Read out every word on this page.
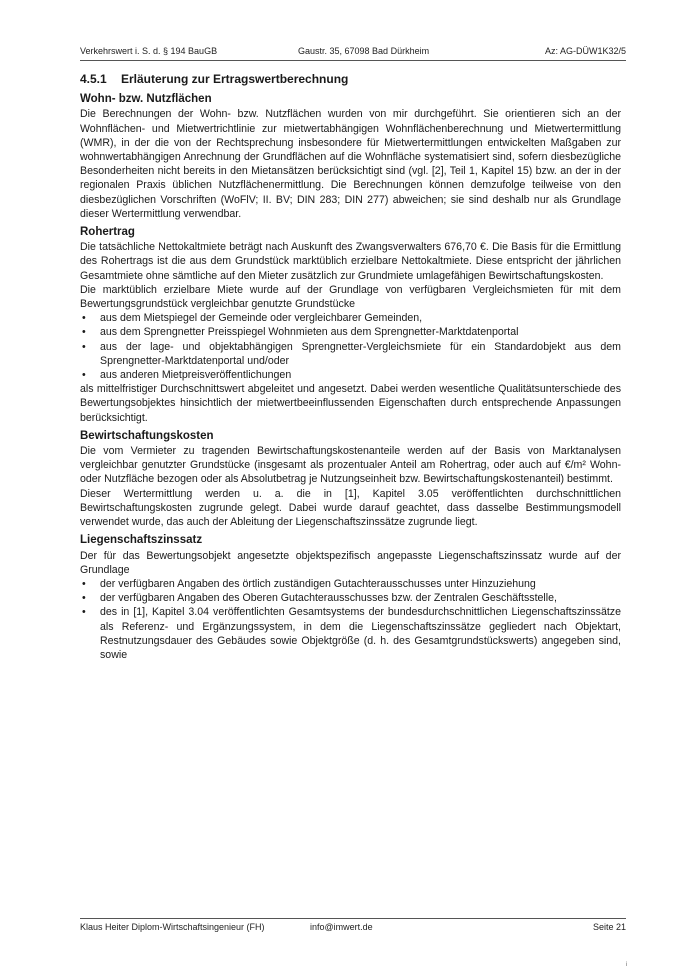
Verkehrswert i. S. d. § 194 BauGB	Gaustr. 35, 67098 Bad Dürkheim	Az: AG-DÜW1K32/5
4.5.1 Erläuterung zur Ertragswertberechnung
Wohn- bzw. Nutzflächen

Die Berechnungen der Wohn- bzw. Nutzflächen wurden von mir durchgeführt. Sie orientieren sich an der Wohnflächen- und Mietwertrichtlinie zur mietwertabhängigen Wohnflächenberechnung und Mietwertermittlung (WMR), in der die von der Rechtsprechung insbesondere für Mietwertermittlungen entwickelten Maßgaben zur wohnwertabhängigen Anrechnung der Grundflächen auf die Wohnfläche systematisiert sind, sofern diesbezügliche Besonderheiten nicht bereits in den Mietansätzen berücksichtigt sind (vgl. [2], Teil 1, Kapitel 15) bzw. an der in der regionalen Praxis üblichen Nutzflächenermittlung. Die Berechnungen können demzufolge teilweise von den diesbezüglichen Vorschriften (WoFlV; II. BV; DIN 283; DIN 277) abweichen; sie sind deshalb nur als Grundlage dieser Wertermittlung verwendbar.

Rohertrag

Die tatsächliche Nettokaltmiete beträgt nach Auskunft des Zwangsverwalters 676,70 €. Die Basis für die Ermittlung des Rohertrags ist die aus dem Grundstück marktüblich erzielbare Nettokaltmiete. Diese entspricht der jährlichen Gesamtmiete ohne sämtliche auf den Mieter zusätzlich zur Grundmiete umlagefähigen Bewirtschaftungskosten.

Die marktüblich erzielbare Miete wurde auf der Grundlage von verfügbaren Vergleichsmieten für mit dem Bewertungsgrundstück vergleichbar genutzte Grundstücke

• aus dem Mietspiegel der Gemeinde oder vergleichbarer Gemeinden,
• aus dem Sprengnetter Preisspiegel Wohnmieten aus dem Sprengnetter-Marktdatenportal
• aus der lage- und objektabhängigen Sprengnetter-Vergleichsmiete für ein Standardobjekt aus dem Sprengnetter-Marktdatenportal und/oder
• aus anderen Mietpreisveröffentlichungen

als mittelfristiger Durchschnittswert abgeleitet und angesetzt. Dabei werden wesentliche Qualitätsunterschiede des Bewertungsobjektes hinsichtlich der mietwertbeeinflussenden Eigenschaften durch entsprechende Anpassungen berücksichtigt.

Bewirtschaftungskosten

Die vom Vermieter zu tragenden Bewirtschaftungskostenanteile werden auf der Basis von Marktanalysen vergleichbar genutzter Grundstücke (insgesamt als prozentualer Anteil am Rohertrag, oder auch auf €/m² Wohn- oder Nutzfläche bezogen oder als Absolutbetrag je Nutzungseinheit bzw. Bewirtschaftungskostenanteil) bestimmt.

Dieser Wertermittlung werden u. a. die in [1], Kapitel 3.05 veröffentlichten durchschnittlichen Bewirtschaftungskosten zugrunde gelegt. Dabei wurde darauf geachtet, dass dasselbe Bestimmungsmodell verwendet wurde, das auch der Ableitung der Liegenschaftszinssätze zugrunde liegt.

Liegenschaftszinssatz

Der für das Bewertungsobjekt angesetzte objektspezifisch angepasste Liegenschaftszinssatz wurde auf der Grundlage

• der verfügbaren Angaben des örtlich zuständigen Gutachterausschusses unter Hinzuziehung
• der verfügbaren Angaben des Oberen Gutachterausschusses bzw. der Zentralen Geschäftsstelle,
• des in [1], Kapitel 3.04 veröffentlichten Gesamtsystems der bundesdurchschnittlichen Liegenschaftszinssätze als Referenz- und Ergänzungssystem, in dem die Liegenschaftszinssätze gegliedert nach Objektart, Restnutzungsdauer des Gebäudes sowie Objektgröße (d. h. des Gesamtgrundstückswerts) angegeben sind, sowie
Klaus Heiter Diplom-Wirtschaftsingenieur (FH)	info@imwert.de	Seite 21
i
